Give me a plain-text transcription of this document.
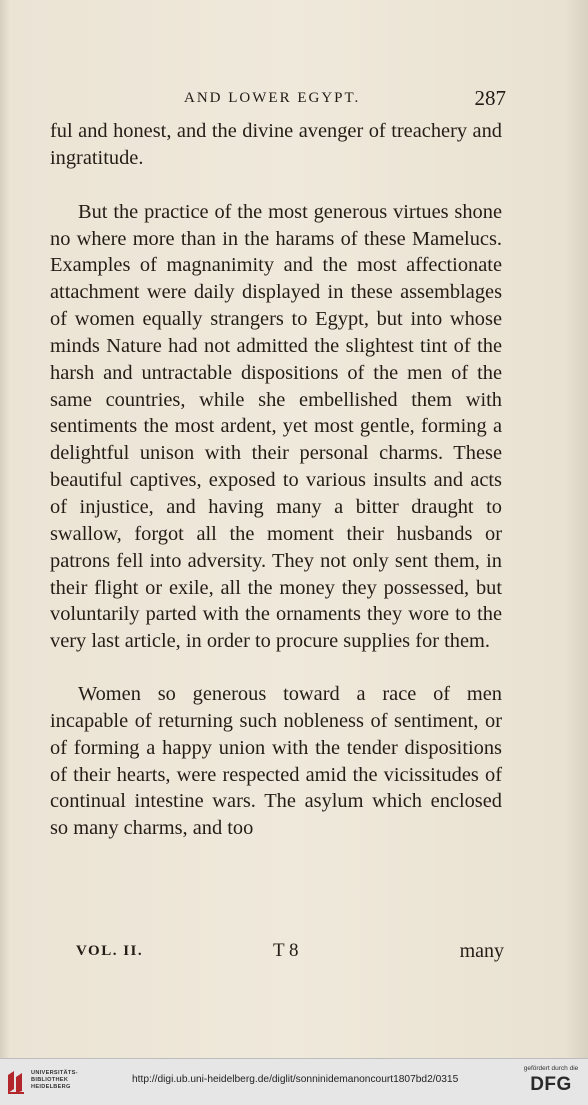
AND LOWER EGYPT.	287

ful and honest, and the divine avenger of treachery and ingratitude.

But the practice of the most generous virtues shone no where more than in the harams of these Mamelucs. Examples of magnanimity and the most affectionate attachment were daily displayed in these assemblages of women equally strangers to Egypt, but into whose minds Nature had not admitted the slightest tint of the harsh and untractable dispositions of the men of the same countries, while she embellished them with sentiments the most ardent, yet most gentle, forming a delightful unison with their personal charms. These beautiful captives, exposed to various insults and acts of injustice, and having many a bitter draught to swallow, forgot all the moment their husbands or patrons fell into adversity. They not only sent them, in their flight or exile, all the money they possessed, but voluntarily parted with the ornaments they wore to the very last article, in order to procure supplies for them.

Women so generous toward a race of men incapable of returning such nobleness of sentiment, or of forming a happy union with the tender dispositions of their hearts, were respected amid the vicissitudes of continual intestine wars. The asylum which enclosed so many charms, and too

VOL. II.	T 8	many
UNIVERSITÄTS-
BIBLIOTHEK
HEIDELBERG
http://digi.ub.uni-heidelberg.de/diglit/sonninidemanoncourt1807bd2/0315
gefördert durch die
DFG
